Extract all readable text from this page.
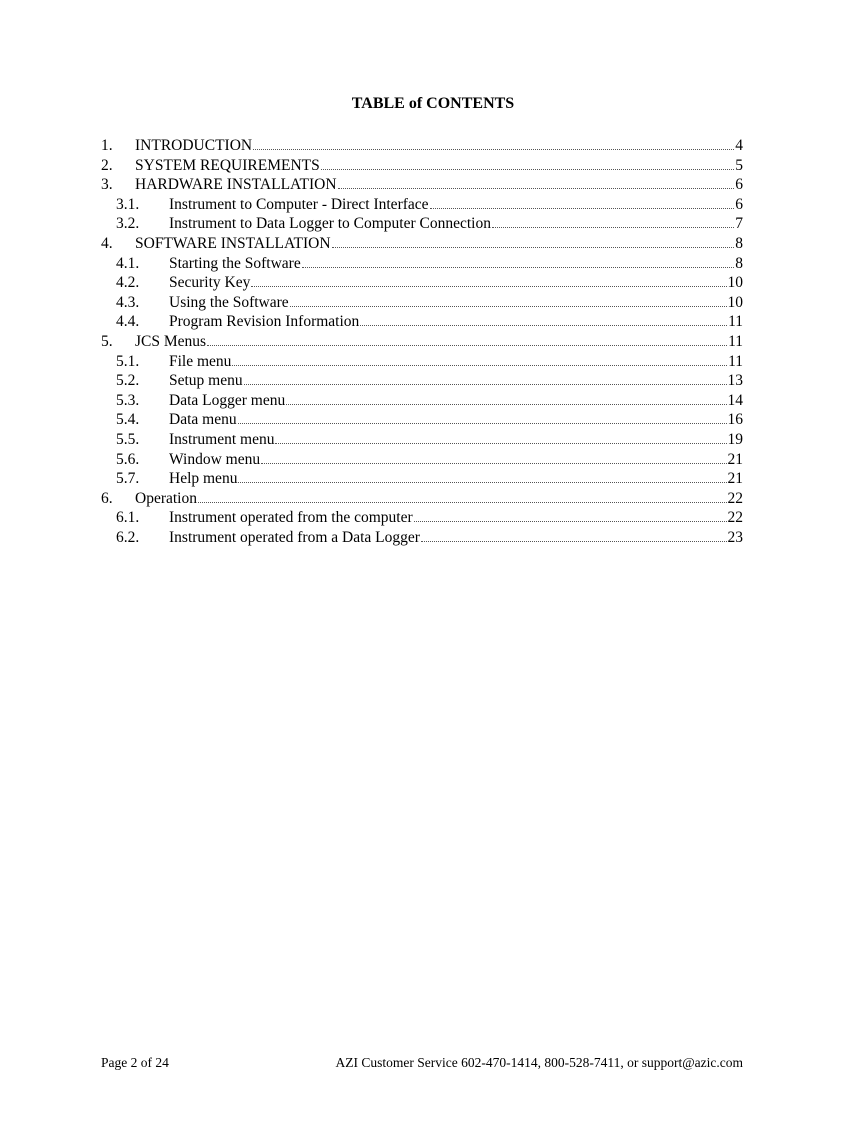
TABLE of CONTENTS
1.	INTRODUCTION	4
2.	SYSTEM REQUIREMENTS	5
3.	HARDWARE INSTALLATION	6
3.1.	Instrument to Computer - Direct Interface	6
3.2.	Instrument to Data Logger to Computer Connection	7
4.	SOFTWARE INSTALLATION	8
4.1.	Starting the Software	8
4.2.	Security Key	10
4.3.	Using the Software	10
4.4.	Program Revision Information	11
5.	JCS Menus	11
5.1.	File menu	11
5.2.	Setup menu	13
5.3.	Data Logger menu	14
5.4.	Data menu	16
5.5.	Instrument menu	19
5.6.	Window menu	21
5.7.	Help menu	21
6.	Operation	22
6.1.	Instrument operated from the computer	22
6.2.	Instrument operated from a Data Logger	23
Page 2 of 24	AZI Customer Service 602-470-1414, 800-528-7411, or support@azic.com
